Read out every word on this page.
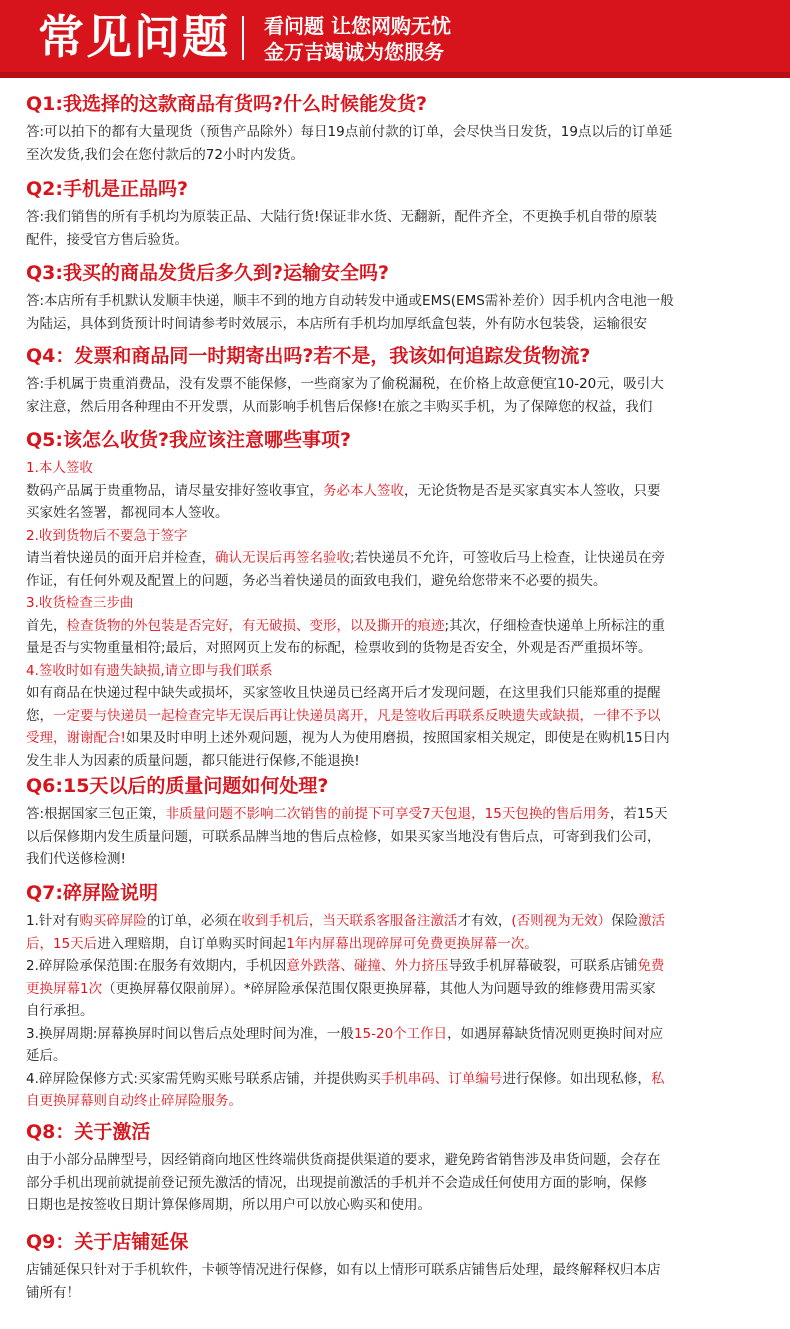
常见问题 看问题 让您网购无忧
金万吉竭诚为您服务
Q1:我选择的这款商品有货吗?什么时候能发货?
答:可以拍下的都有大量现货（预售产品除外）每日19点前付款的订单，会尽快当日发货，19点以后的订单延
至次发货,我们会在您付款后的72小时内发货。
Q2:手机是正品吗?
答:我们销售的所有手机均为原装正品、大陆行货!保证非水货、无翻新，配件齐全，不更换手机自带的原装
配件，接受官方售后验货。
Q3:我买的商品发货后多久到?运输安全吗?
答:本店所有手机默认发顺丰快递，顺丰不到的地方自动转发中通或EMS(EMS需补差价）因手机内含电池一般
为陆运，具体到货预计时间请参考时效展示，本店所有手机均加厚纸盒包装，外有防水包装袋，运输很安
Q4：发票和商品同一时期寄出吗?若不是，我该如何追踪发货物流?
答:手机属于贵重消费品，没有发票不能保修，一些商家为了偷税漏税，在价格上故意便宜10-20元，吸引大
家注意，然后用各种理由不开发票，从而影响手机售后保修!在旅之丰购买手机，为了保障您的权益，我们
Q5:该怎么收货?我应该注意哪些事项?
1.本人签收
数码产品属于贵重物品，请尽量安排好签收事宜，务必本人签收，无论货物是否是买家真实本人签收，只要
买家姓名签署，都视同本人签收。
2.收到货物后不要急于签字
请当着快递员的面开启并检查，确认无误后再签名验收;若快递员不允许，可签收后马上检查，让快递员在旁
作证，有任何外观及配置上的问题，务必当着快递员的面致电我们，避免给您带来不必要的损失。
3.收货检查三步曲
首先，检查货物的外包装是否完好，有无破损、变形，以及撕开的痕迹;其次，仔细检查快递单上所标注的重
量是否与实物重量相符;最后，对照网页上发布的标配，检票收到的货物是否安全，外观是否严重损坏等。
4.签收时如有遗失缺损,请立即与我们联系
如有商品在快递过程中缺失或损坏，买家签收且快递员已经离开后才发现问题，在这里我们只能郑重的提醒
您，一定要与快递员一起检查完毕无误后再让快递员离开，凡是签收后再联系反映遗失或缺损，一律不予以
受理，谢谢配合!如果及时申明上述外观问题，视为人为使用磨损，按照国家相关规定，即使是在购机15日内
发生非人为因素的质量问题，都只能进行保修,不能退换!
Q6:15天以后的质量问题如何处理?
答:根据国家三包正策，非质量问题不影响二次销售的前提下可享受7天包退，15天包换的售后用务，若15天
以后保修期内发生质量问题，可联系品牌当地的售后点检修，如果买家当地没有售后点，可寄到我们公司，
我们代送修检测!
Q7:碎屏险说明
1.针对有购买碎屏险的订单，必须在收到手机后，当天联系客服备注激活才有效，(否则视为无效）保险激活
后，15天后进入理赔期，自订单购买时间起1年内屏幕出现碎屏可免费更换屏幕一次。
2.碎屏险承保范围:在服务有效期内，手机因意外跌落、碰撞、外力挤压导致手机屏幕破裂，可联系店铺免费
更换屏幕1次（更换屏幕仅限前屏）。*碎屏险承保范围仅限更换屏幕，其他人为问题导致的维修费用需买家
自行承担。
3.换屏周期:屏幕换屏时间以售后点处理时间为准，一般15-20个工作日，如遇屏幕缺货情况则更换时间对应
延后。
4.碎屏险保修方式:买家需凭购买账号联系店铺，并提供购买手机串码、订单编号进行保修。如出现私修，私
自更换屏幕则自动终止碎屏险服务。
Q8：关于激活
由于小部分品牌型号，因经销商向地区性终端供货商提供渠道的要求，避免跨省销售涉及串货问题，会存在
部分手机出现前就提前登记预先激活的情况，出现提前激活的手机并不会造成任何使用方面的影响，保修
日期也是按签收日期计算保修周期，所以用户可以放心购买和使用。
Q9：关于店铺延保
店铺延保只针对于手机软件，卡顿等情况进行保修，如有以上情形可联系店铺售后处理，最终解释权归本店
铺所有！
